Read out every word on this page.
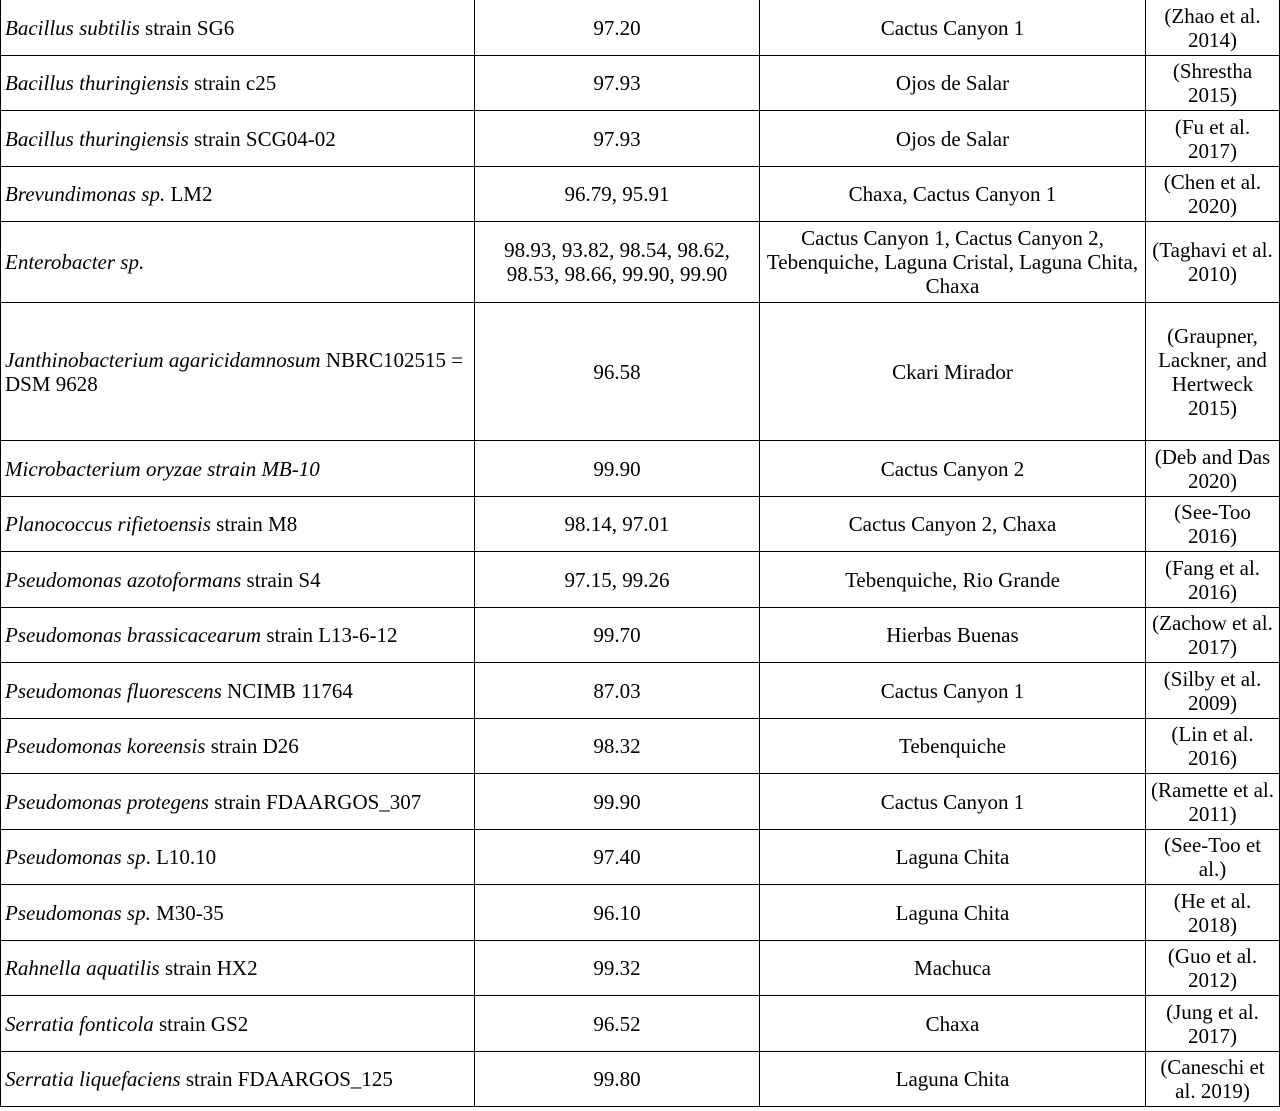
Bacillus subtilis strain SG6	97.20	Cactus Canyon 1	(Zhao et al. 2014)
Bacillus thuringiensis strain c25	97.93	Ojos de Salar	(Shrestha 2015)
Bacillus thuringiensis strain SCG04-02	97.93	Ojos de Salar	(Fu et al. 2017)
Brevundimonas sp. LM2	96.79, 95.91	Chaxa, Cactus Canyon 1	(Chen et al. 2020)
Enterobacter sp.	98.93, 93.82, 98.54, 98.62, 98.53, 98.66, 99.90, 99.90	Cactus Canyon 1, Cactus Canyon 2, Tebenquiche, Laguna Cristal, Laguna Chita, Chaxa	(Taghavi et al. 2010)
Janthinobacterium agaricidamnosum NBRC102515 = DSM 9628	96.58	Ckari Mirador	(Graupner, Lackner, and Hertweck 2015)
Microbacterium oryzae strain MB-10	99.90	Cactus Canyon 2	(Deb and Das 2020)
Planococcus rifietoensis strain M8	98.14, 97.01	Cactus Canyon 2, Chaxa	(See-Too 2016)
Pseudomonas azotoformans strain S4	97.15, 99.26	Tebenquiche, Rio Grande	(Fang et al. 2016)
Pseudomonas brassicacearum strain L13-6-12	99.70	Hierbas Buenas	(Zachow et al. 2017)
Pseudomonas fluorescens NCIMB 11764	87.03	Cactus Canyon 1	(Silby et al. 2009)
Pseudomonas koreensis strain D26	98.32	Tebenquiche	(Lin et al. 2016)
Pseudomonas protegens strain FDAARGOS_307	99.90	Cactus Canyon 1	(Ramette et al. 2011)
Pseudomonas sp. L10.10	97.40	Laguna Chita	(See-Too et al.)
Pseudomonas sp. M30-35	96.10	Laguna Chita	(He et al. 2018)
Rahnella aquatilis strain HX2	99.32	Machuca	(Guo et al. 2012)
Serratia fonticola strain GS2	96.52	Chaxa	(Jung et al. 2017)
Serratia liquefaciens strain FDAARGOS_125	99.80	Laguna Chita	(Caneschi et al. 2019)
